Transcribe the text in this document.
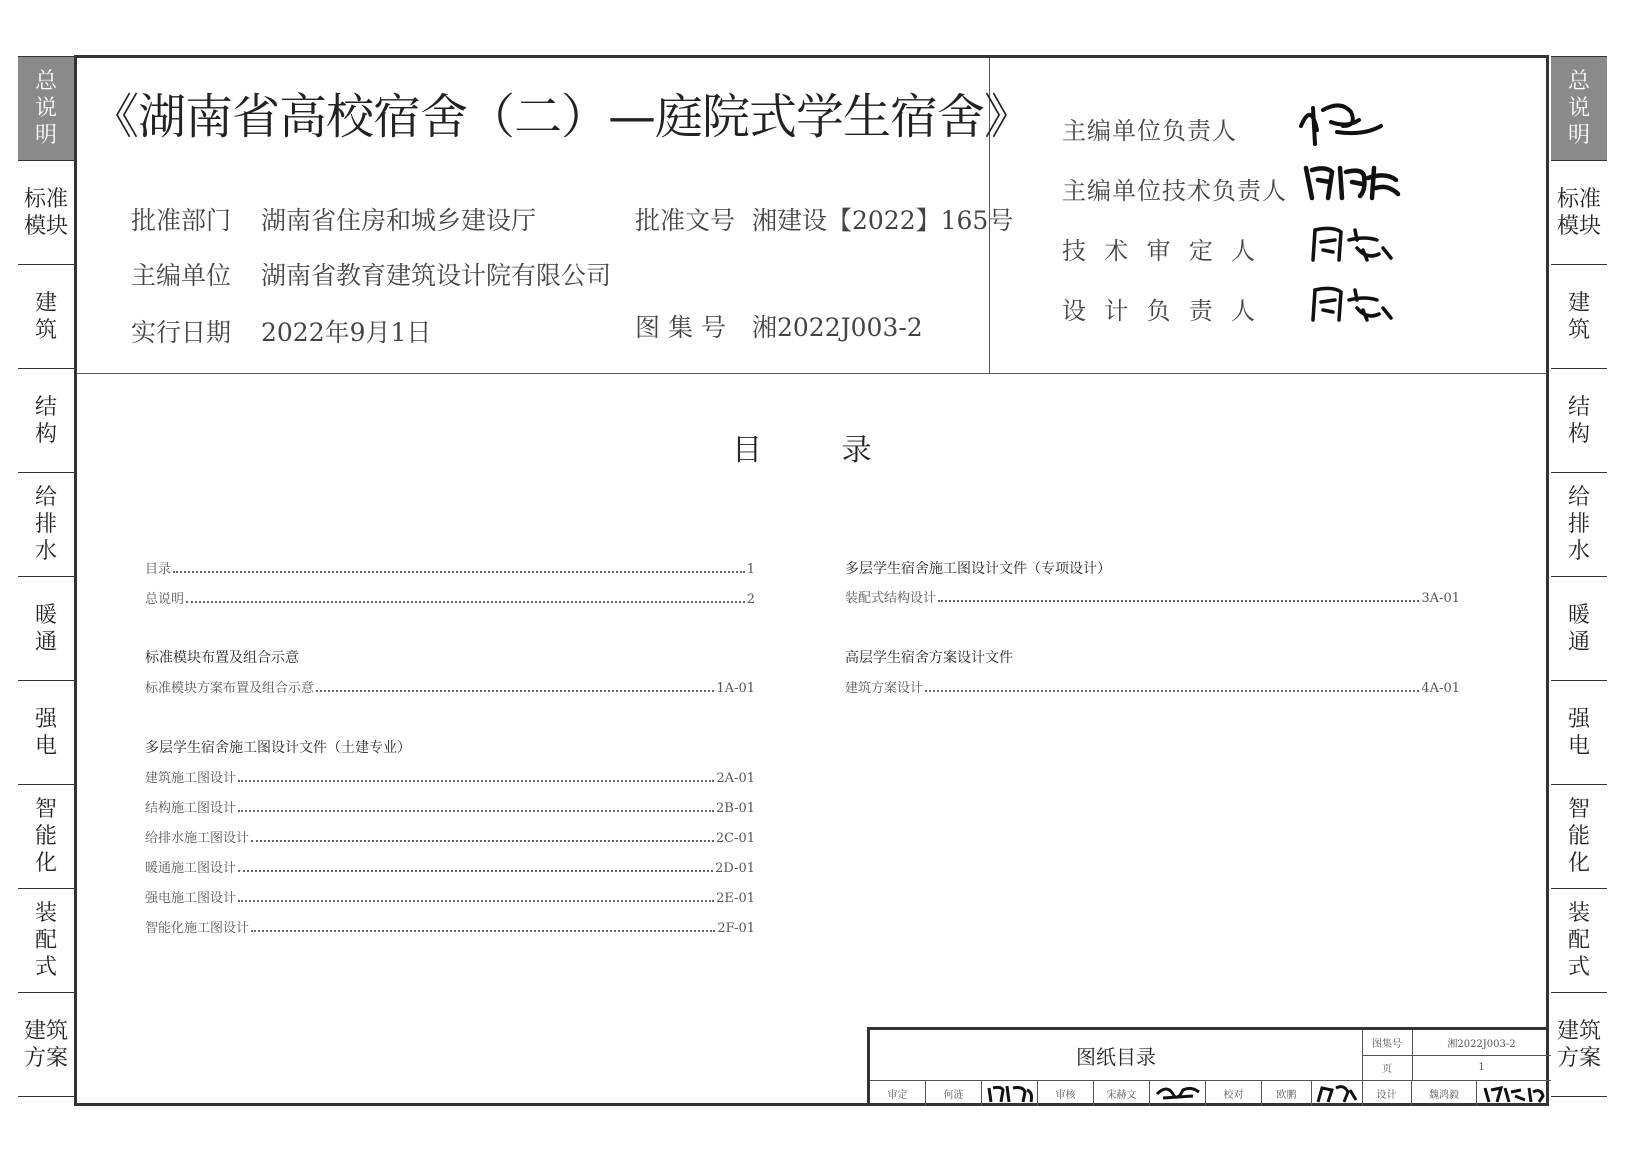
总
说
明
标准
模块
建
筑
结
构
给
排
水
暖
通
强
电
智
能
化
装
配
式
建筑
方案
总
说
明
标准
模块
建
筑
结
构
给
排
水
暖
通
强
电
智
能
化
装
配
式
建筑
方案
《湖南省高校宿舍（二）—庭院式学生宿舍》
批准部门 湖南省住房和城乡建设厅	批准文号 湘建设【2022】165号
主编单位 湖南省教育建筑设计院有限公司
实行日期 2022年9月1日	图 集 号 湘2022J003-2
主编单位负责人
主编单位技术负责人
技  术  审  定  人
设  计  负  责  人
目 录
目录	1
总说明	2
标准模块布置及组合示意
标准模块方案布置及组合示意	1A-01
多层学生宿舍施工图设计文件（土建专业）
建筑施工图设计	2A-01
结构施工图设计	2B-01
给排水施工图设计	2C-01
暖通施工图设计	2D-01
强电施工图设计	2E-01
智能化施工图设计	2F-01
多层学生宿舍施工图设计文件（专项设计）
装配式结构设计	3A-01
高层学生宿舍方案设计文件
建筑方案设计	4A-01
图纸目录	图集号	湘2022J003-2
页	1
审定	何涟	审核	宋赫文	校对	欧鹏	设计	魏鸿毅
